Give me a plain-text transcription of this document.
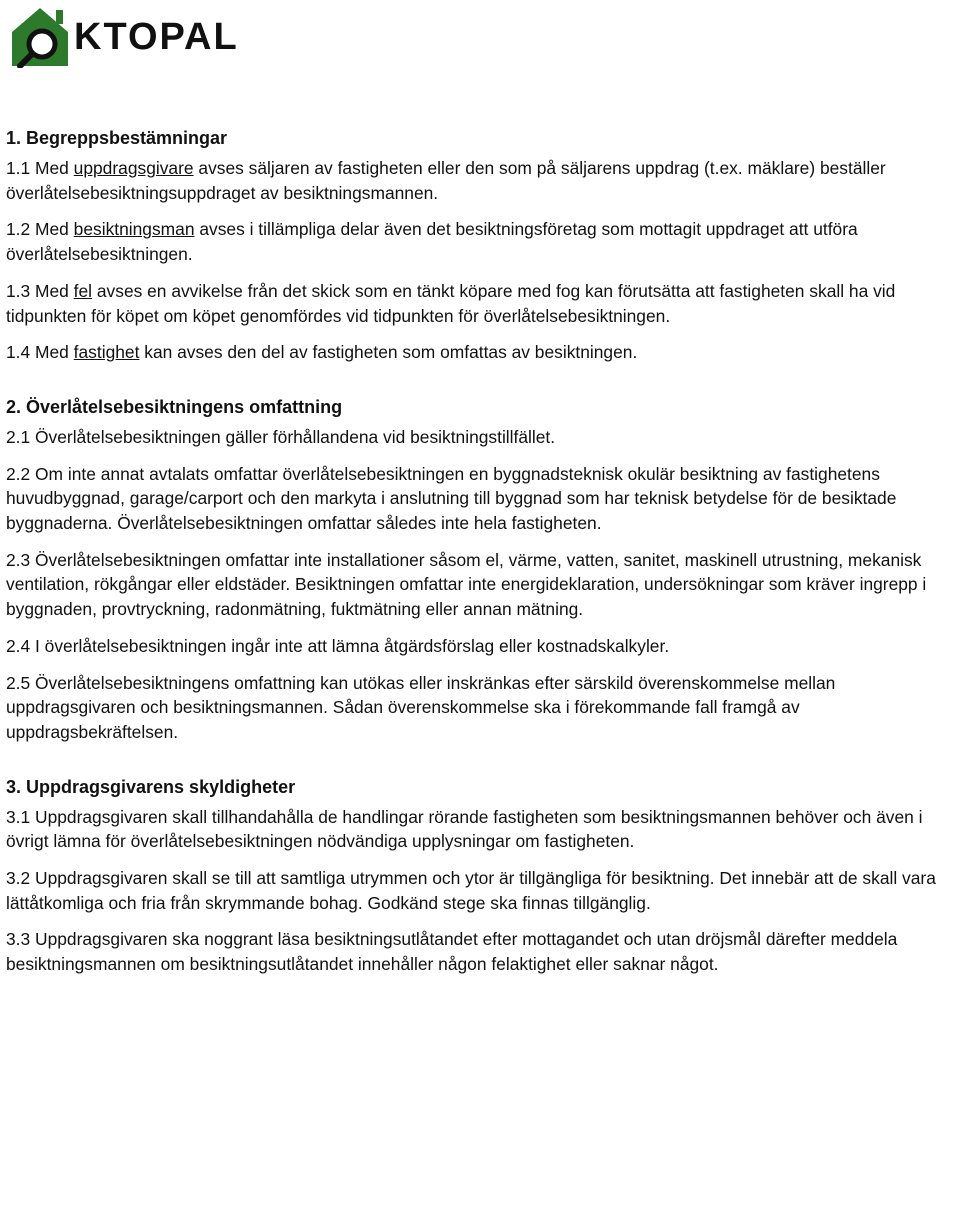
KTOPAL
1. Begreppsbestämningar

1.1 Med uppdragsgivare avses säljaren av fastigheten eller den som på säljarens uppdrag (t.ex. mäklare) beställer överlåtelsebesiktningsuppdraget av besiktningsmannen.

1.2 Med besiktningsman avses i tillämpliga delar även det besiktningsföretag som mottagit uppdraget att utföra överlåtelsebesiktningen.

1.3 Med fel avses en avvikelse från det skick som en tänkt köpare med fog kan förutsätta att fastigheten skall ha vid tidpunkten för köpet om köpet genomfördes vid tidpunkten för överlåtelsebesiktningen.

1.4 Med fastighet kan avses den del av fastigheten som omfattas av besiktningen.

2. Överlåtelsebesiktningens omfattning

2.1 Överlåtelsebesiktningen gäller förhållandena vid besiktningstillfället.

2.2 Om inte annat avtalats omfattar överlåtelsebesiktningen en byggnadsteknisk okulär besiktning av fastighetens huvudbyggnad, garage/carport och den markyta i anslutning till byggnad som har teknisk betydelse för de besiktade byggnaderna. Överlåtelsebesiktningen omfattar således inte hela fastigheten.

2.3 Överlåtelsebesiktningen omfattar inte installationer såsom el, värme, vatten, sanitet, maskinell utrustning, mekanisk ventilation, rökgångar eller eldstäder. Besiktningen omfattar inte energideklaration, undersökningar som kräver ingrepp i byggnaden, provtryckning, radonmätning, fuktmätning eller annan mätning.

2.4 I överlåtelsebesiktningen ingår inte att lämna åtgärdsförslag eller kostnadskalkyler.

2.5 Överlåtelsebesiktningens omfattning kan utökas eller inskränkas efter särskild överenskommelse mellan uppdragsgivaren och besiktningsmannen. Sådan överenskommelse ska i förekommande fall framgå av uppdragsbekräftelsen.

3. Uppdragsgivarens skyldigheter

3.1 Uppdragsgivaren skall tillhandahålla de handlingar rörande fastigheten som besiktningsmannen behöver och även i övrigt lämna för överlåtelsebesiktningen nödvändiga upplysningar om fastigheten.

3.2 Uppdragsgivaren skall se till att samtliga utrymmen och ytor är tillgängliga för besiktning. Det innebär att de skall vara lättåtkomliga och fria från skrymmande bohag. Godkänd stege ska finnas tillgänglig.

3.3 Uppdragsgivaren ska noggrant läsa besiktningsutlåtandet efter mottagandet och utan dröjsmål därefter meddela besiktningsmannen om besiktningsutlåtandet innehåller någon felaktighet eller saknar något.
